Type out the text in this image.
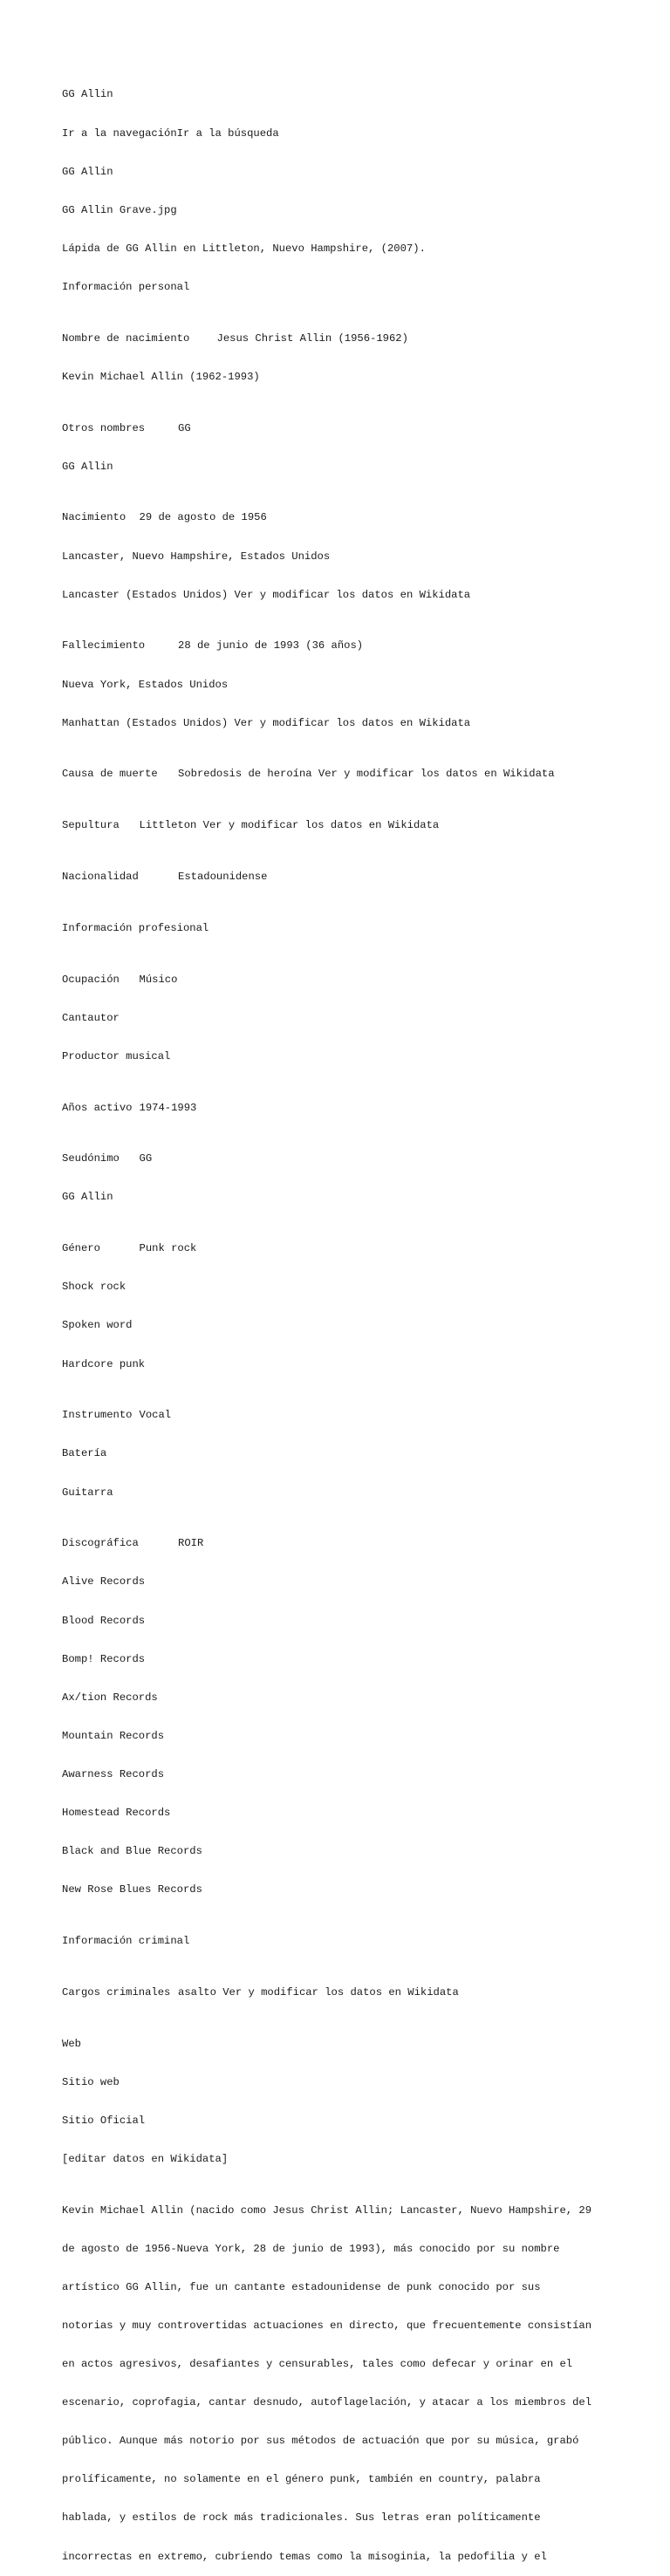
GG Allin

Ir a la navegaciónIr a la búsqueda

GG Allin

GG Allin Grave.jpg

Lápida de GG Allin en Littleton, Nuevo Hampshire, (2007).

Información personal

Nombre de nacimiento	Jesus Christ Allin (1956-1962)

Kevin Michael Allin (1962-1993)

Otros nombres	GG

GG Allin

Nacimiento 29 de agosto de 1956

Lancaster, Nuevo Hampshire, Estados Unidos

Lancaster (Estados Unidos) Ver y modificar los datos en Wikidata

Fallecimiento	28 de junio de 1993 (36 años)

Nueva York, Estados Unidos

Manhattan (Estados Unidos) Ver y modificar los datos en Wikidata

Causa de muerte Sobredosis de heroína Ver y modificar los datos en Wikidata

Sepultura Littleton Ver y modificar los datos en Wikidata

Nacionalidad	Estadounidense

Información profesional

Ocupación Músico

Cantautor

Productor musical

Años activo 1974-1993

Seudónimo GG

GG Allin

Género	Punk rock

Shock rock

Spoken word

Hardcore punk

Instrumento Vocal

Batería

Guitarra

Discográfica	ROIR

Alive Records

Blood Records

Bomp! Records

Ax/tion Records

Mountain Records

Awarness Records

Homestead Records

Black and Blue Records

New Rose Blues Records

Información criminal

Cargos criminales asalto Ver y modificar los datos en Wikidata

Web

Sitio web

Sitio Oficial

[editar datos en Wikidata]

Kevin Michael Allin (nacido como Jesus Christ Allin; Lancaster, Nuevo Hampshire, 29

de agosto de 1956-Nueva York, 28 de junio de 1993), más conocido por su nombre

artístico GG Allin, fue un cantante estadounidense de punk conocido por sus

notorias y muy controvertidas actuaciones en directo, que frecuentemente consistían

en actos agresivos, desafiantes y censurables, tales como defecar y orinar en el

escenario, coprofagia, cantar desnudo, autoflagelación, y atacar a los miembros del

público. Aunque más notorio por sus métodos de actuación que por su música, grabó

prolíficamente, no solamente en el género punk, también en country, palabra

hablada, y estilos de rock más tradicionales. Sus letras eran políticamente

incorrectas en extremo, cubriendo temas como la misoginia, la pedofilia y el
